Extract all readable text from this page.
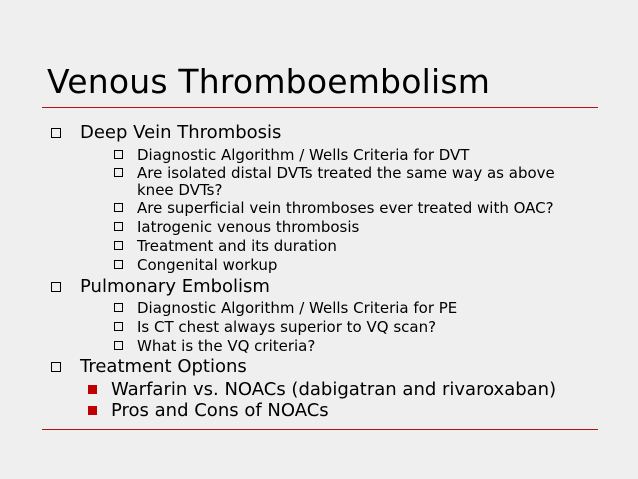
Venous Thromboembolism
Deep Vein Thrombosis
Diagnostic Algorithm / Wells Criteria for DVT
Are isolated distal DVTs treated the same way as above
knee DVTs?
Are superficial vein thromboses ever treated with OAC?
Iatrogenic venous thrombosis
Treatment and its duration
Congenital workup
Pulmonary Embolism
Diagnostic Algorithm / Wells Criteria for PE
Is CT chest always superior to VQ scan?
What is the VQ criteria?
Treatment Options
Warfarin vs. NOACs (dabigatran and rivaroxaban)
Pros and Cons of NOACs
